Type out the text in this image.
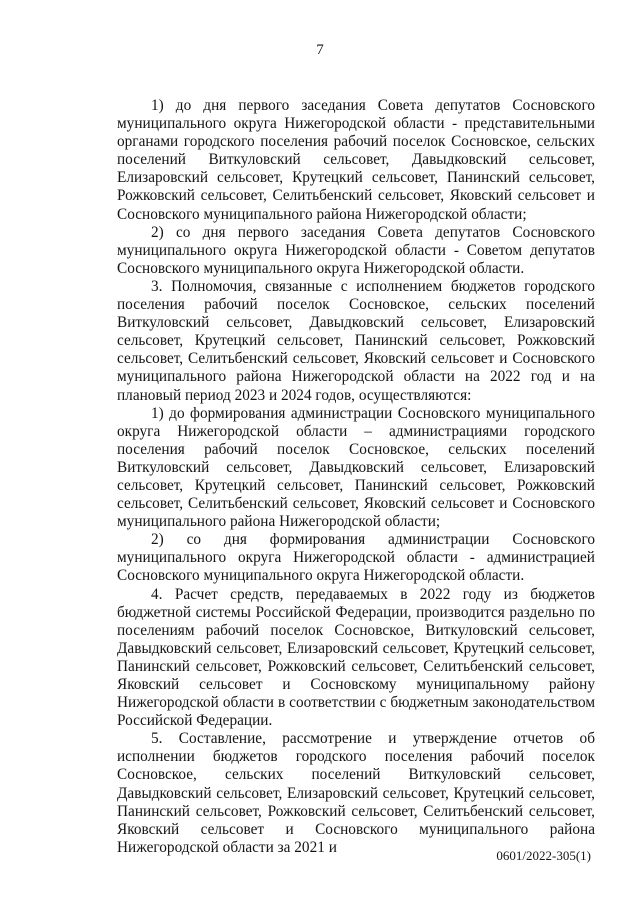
7

1) до дня первого заседания Совета депутатов Сосновского муниципального округа Нижегородской области - представительными органами городского поселения рабочий поселок Сосновское, сельских поселений Виткуловский сельсовет, Давыдковский сельсовет, Елизаровский сельсовет, Крутецкий сельсовет, Панинский сельсовет, Рожковский сельсовет, Селитьбенский сельсовет, Яковский сельсовет и Сосновского муниципального района Нижегородской области;

2) со дня первого заседания Совета депутатов Сосновского муниципального округа Нижегородской области - Советом депутатов Сосновского муниципального округа Нижегородской области.

3. Полномочия, связанные с исполнением бюджетов городского поселения рабочий поселок Сосновское, сельских поселений Виткуловский сельсовет, Давыдковский сельсовет, Елизаровский сельсовет, Крутецкий сельсовет, Панинский сельсовет, Рожковский сельсовет, Селитьбенский сельсовет, Яковский сельсовет и Сосновского муниципального района Нижегородской области на 2022 год и на плановый период 2023 и 2024 годов, осуществляются:

1) до формирования администрации Сосновского муниципального округа Нижегородской области – администрациями городского поселения рабочий поселок Сосновское, сельских поселений Виткуловский сельсовет, Давыдковский сельсовет, Елизаровский сельсовет, Крутецкий сельсовет, Панинский сельсовет, Рожковский сельсовет, Селитьбенский сельсовет, Яковский сельсовет и Сосновского муниципального района Нижегородской области;

2) со дня формирования администрации Сосновского муниципального округа Нижегородской области - администрацией Сосновского муниципального округа Нижегородской области.

4. Расчет средств, передаваемых в 2022 году из бюджетов бюджетной системы Российской Федерации, производится раздельно по поселениям рабочий поселок Сосновское, Виткуловский сельсовет, Давыдковский сельсовет, Елизаровский сельсовет, Крутецкий сельсовет, Панинский сельсовет, Рожковский сельсовет, Селитьбенский сельсовет, Яковский сельсовет и Сосновскому муниципальному району Нижегородской области в соответствии с бюджетным законодательством Российской Федерации.

5. Составление, рассмотрение и утверждение отчетов об исполнении бюджетов городского поселения рабочий поселок Сосновское, сельских поселений Виткуловский сельсовет, Давыдковский сельсовет, Елизаровский сельсовет, Крутецкий сельсовет, Панинский сельсовет, Рожковский сельсовет, Селитьбенский сельсовет, Яковский сельсовет и Сосновского муниципального района Нижегородской области за 2021 и	0601/2022-305(1)
